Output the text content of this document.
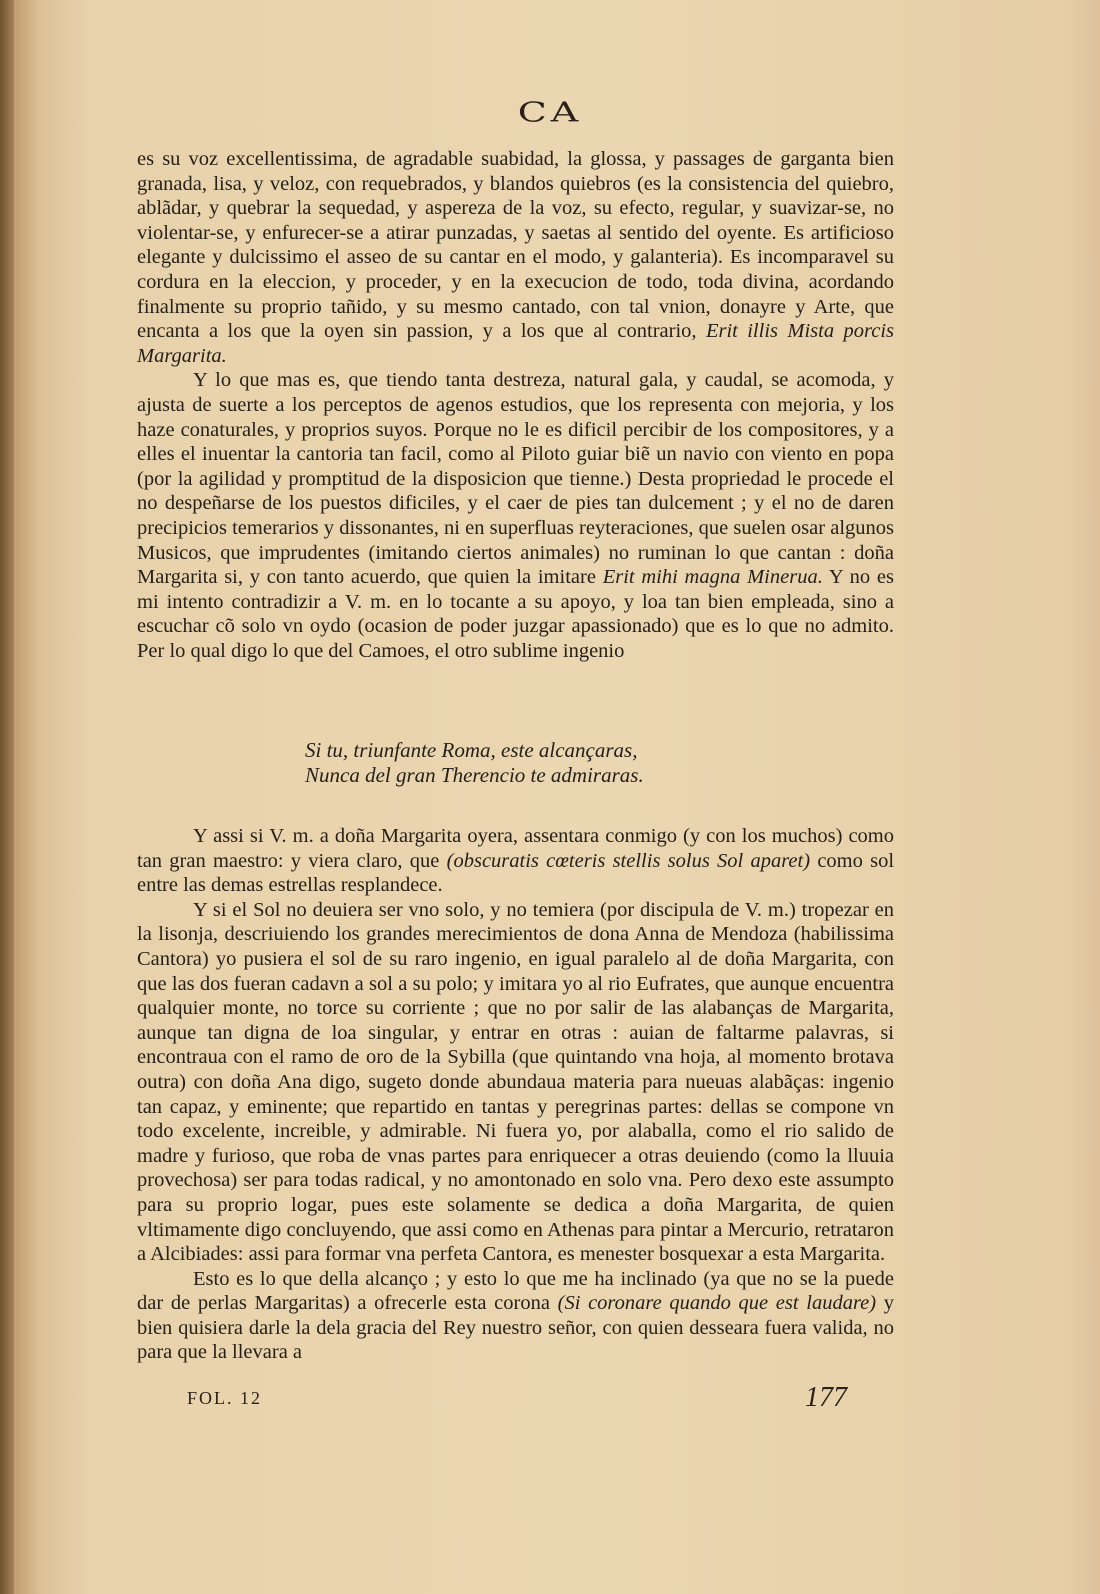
CA

es su voz excellentissima, de agradable suabidad, la glossa, y passages de garganta bien granada, lisa, y veloz, con requebrados, y blandos quiebros (es la consistencia del quiebro, ablãdar, y quebrar la sequedad, y aspereza de la voz, su efecto, regular, y suavizar-se, no violentar-se, y enfurecer-se a atirar punzadas, y saetas al sentido del oyente. Es artificioso elegante y dulcissimo el asseo de su cantar en el modo, y galanteria). Es incomparavel su cordura en la eleccion, y proceder, y en la execucion de todo, toda divina, acordando finalmente su proprio tañido, y su mesmo cantado, con tal vnion, donayre y Arte, que encanta a los que la oyen sin passion, y a los que al contrario, Erit illis Mista porcis Margarita.

Y lo que mas es, que tiendo tanta destreza, natural gala, y caudal, se acomoda, y ajusta de suerte a los perceptos de agenos estudios, que los representa con mejoria, y los haze conaturales, y proprios suyos. Porque no le es dificil percibir de los compositores, y a elles el inuentar la cantoria tan facil, como al Piloto guiar biẽ un navio con viento en popa (por la agilidad y promptitud de la disposicion que tienne.) Desta propriedad le procede el no despeñarse de los puestos dificiles, y el caer de pies tan dulcement ; y el no de daren precipicios temerarios y dissonantes, ni en superfluas reyteraciones, que suelen osar algunos Musicos, que imprudentes (imitando ciertos animales) no ruminan lo que cantan : doña Margarita si, y con tanto acuerdo, que quien la imitare Erit mihi magna Minerua. Y no es mi intento contradizir a V. m. en lo tocante a su apoyo, y loa tan bien empleada, sino a escuchar cõ solo vn oydo (ocasion de poder juzgar apassionado) que es lo que no admito. Per lo qual digo lo que del Camoes, el otro sublime ingenio

Si tu, triunfante Roma, este alcançaras,
Nunca del gran Therencio te admiraras.

Y assi si V. m. a doña Margarita oyera, assentara conmigo (y con los muchos) como tan gran maestro: y viera claro, que (obscuratis cœteris stellis solus Sol aparet) como sol entre las demas estrellas resplandece.

Y si el Sol no deuiera ser vno solo, y no temiera (por discipula de V. m.) tropezar en la lisonja, descriuiendo los grandes merecimientos de dona Anna de Mendoza (habilissima Cantora) yo pusiera el sol de su raro ingenio, en igual paralelo al de doña Margarita, con que las dos fueran cadavn a sol a su polo; y imitara yo al rio Eufrates, que aunque encuentra qualquier monte, no torce su corriente ; que no por salir de las alabanças de Margarita, aunque tan digna de loa singular, y entrar en otras : auian de faltarme palavras, si encontraua con el ramo de oro de la Sybilla (que quintando vna hoja, al momento brotava outra) con doña Ana digo, sugeto donde abundaua materia para nueuas alabãças: ingenio tan capaz, y eminente; que repartido en tantas y peregrinas partes: dellas se compone vn todo excelente, increible, y admirable. Ni fuera yo, por alaballa, como el rio salido de madre y furioso, que roba de vnas partes para enriquecer a otras deuiendo (como la lluuia provechosa) ser para todas radical, y no amontonado en solo vna. Pero dexo este assumpto para su proprio logar, pues este solamente se dedica a doña Margarita, de quien vltimamente digo concluyendo, que assi como en Athenas para pintar a Mercurio, retrataron a Alcibiades: assi para formar vna perfeta Cantora, es menester bosquexar a esta Margarita.

Esto es lo que della alcanço ; y esto lo que me ha inclinado (ya que no se la puede dar de perlas Margaritas) a ofrecerle esta corona (Si coronare quando que est laudare) y bien quisiera darle la dela gracia del Rey nuestro señor, con quien desseara fuera valida, no para que la llevara a

FOL. 12	177
